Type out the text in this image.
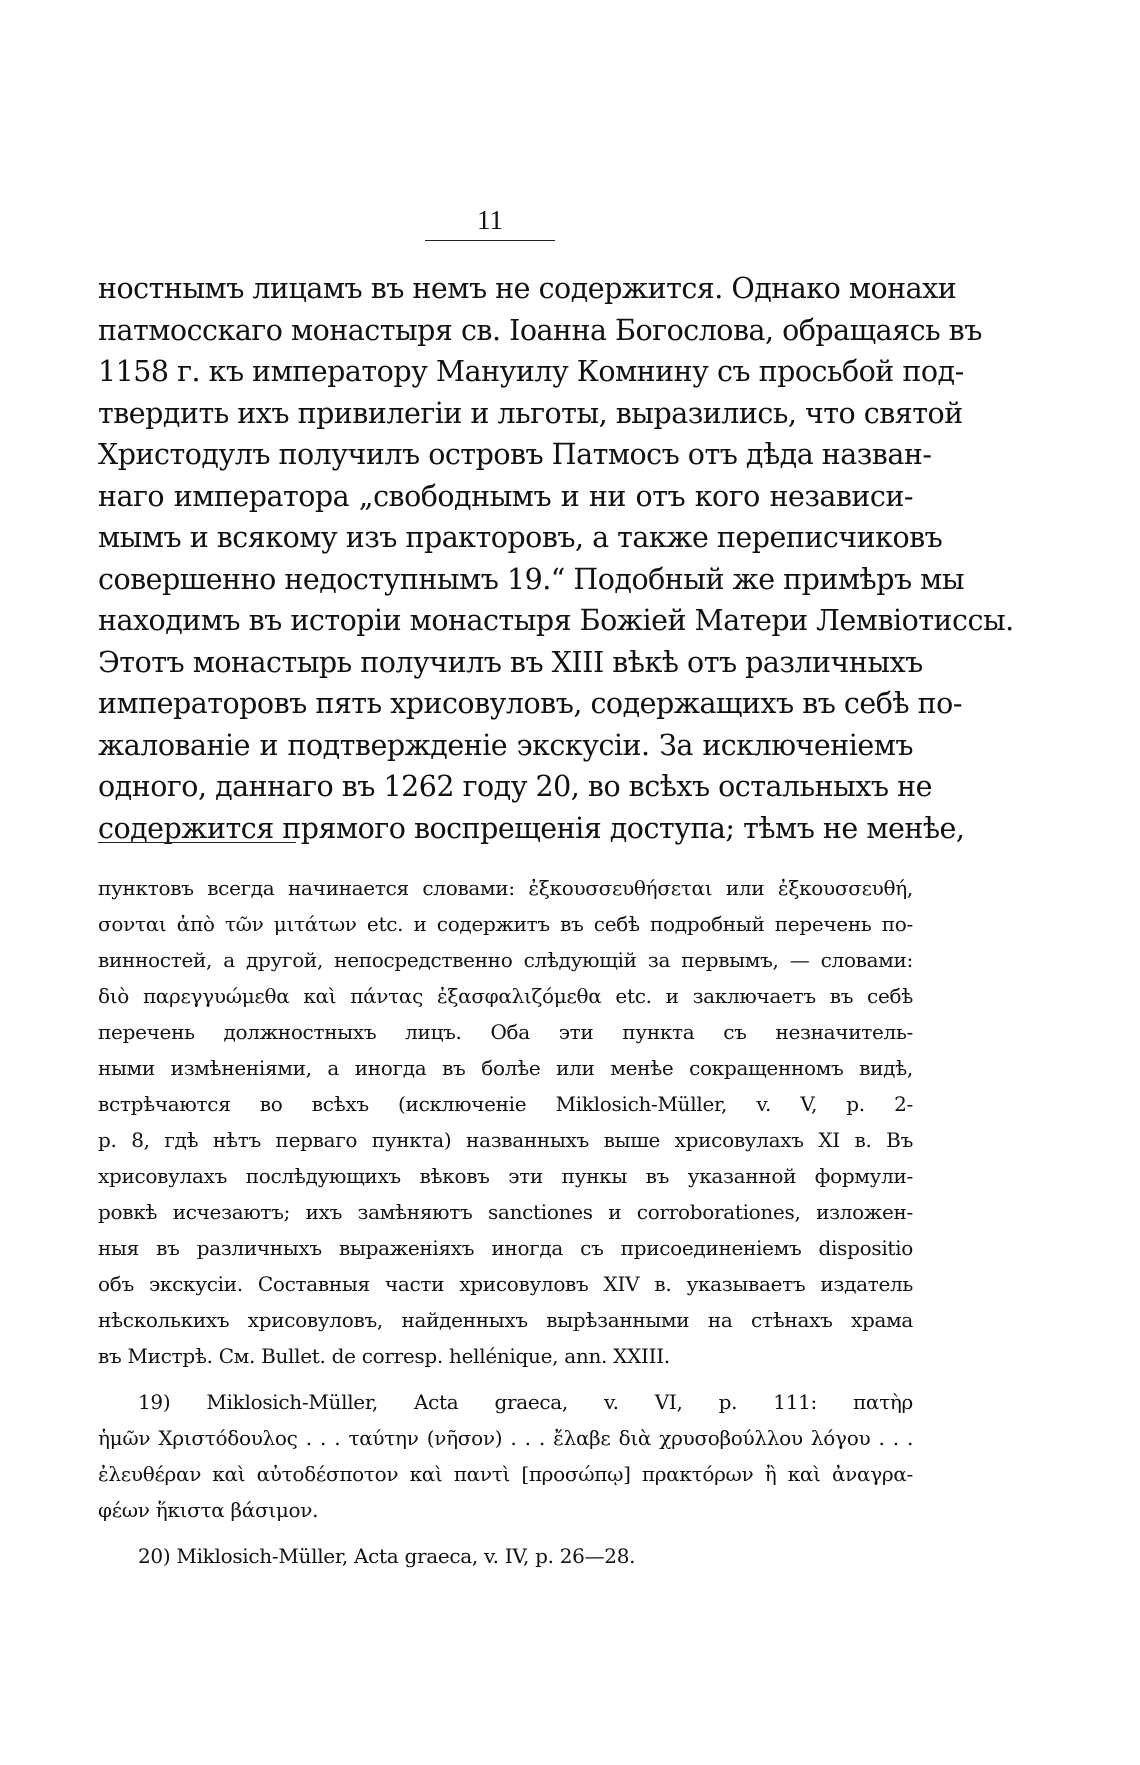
11
ностнымъ лицамъ въ немъ не содержится. Однако монахи
патмосскаго монастыря св. Іоанна Богослова, обращаясь въ
1158 г. къ императору Мануилу Комнину съ просьбой под-
твердить ихъ привилегіи и льготы, выразились, что святой
Христодулъ получилъ островъ Патмосъ отъ дѣда назван-
наго императора „свободнымъ и ни отъ кого независи-
мымъ и всякому изъ практоровъ, а также переписчиковъ
совершенно недоступнымъ 19.“ Подобный же примѣръ мы
находимъ въ исторіи монастыря Божіей Матери Лемвіотиссы.
Этотъ монастырь получилъ въ XIII вѣкѣ отъ различныхъ
императоровъ пять хрисовуловъ, содержащихъ въ себѣ по-
жалованіе и подтвержденіе экскусіи. За исключеніемъ
одного, даннаго въ 1262 году 20, во всѣхъ остальныхъ не
содержится прямого воспрещенія доступа; тѣмъ не менѣе,
пунктовъ всегда начинается словами: ἐξκουσσευθήσεται или ἐξκουσσευθή,
σονται ἀπὸ τῶν μιτάτων etc. и содержитъ въ себѣ подробный перечень по-
винностей, а другой, непосредственно слѣдующій за первымъ, — словами:
διὸ παρεγγυώμεθα καὶ πάντας ἐξασφαλιζόμεθα etc. и заключаетъ въ себѣ
перечень должностныхъ лицъ. Оба эти пункта съ незначитель-
ными измѣненіями, а иногда въ болѣе или менѣе сокращенномъ видѣ,
встрѣчаются во всѣхъ (исключеніе Miklosich-Müller, v. V, p. 2-
p. 8, гдѣ нѣтъ перваго пункта) названныхъ выше хрисовулахъ XI в. Въ
хрисовулахъ послѣдующихъ вѣковъ эти пункы въ указанной формули-
ровкѣ исчезаютъ; ихъ замѣняютъ sanctiones и corroborationes, изложен-
ныя въ различныхъ выраженіяхъ иногда съ присоединеніемъ dispositio
объ экскусіи. Составныя части хрисовуловъ XIV в. указываетъ издатель
нѣсколькихъ хрисовуловъ, найденныхъ вырѣзанными на стѣнахъ храма
въ Мистрѣ. См. Bullet. de corresp. hellénique, ann. XXIII.
19) Miklosich-Müller, Acta graeca, v. VI, p. 111: πατὴρ
ἡμῶν Χριστόδουλος . . . ταύτην (νῆσον) . . . ἔλαβε διὰ χρυσοβούλλου λόγου . . .
ἐλευθέραν καὶ αὐτοδέσποτον καὶ παντὶ [προσώπῳ] πρακτόρων ἢ καὶ ἀναγρα-
φέων ἥκιστα βάσιμον.
20) Miklosich-Müller, Acta graeca, v. IV, p. 26—28.
